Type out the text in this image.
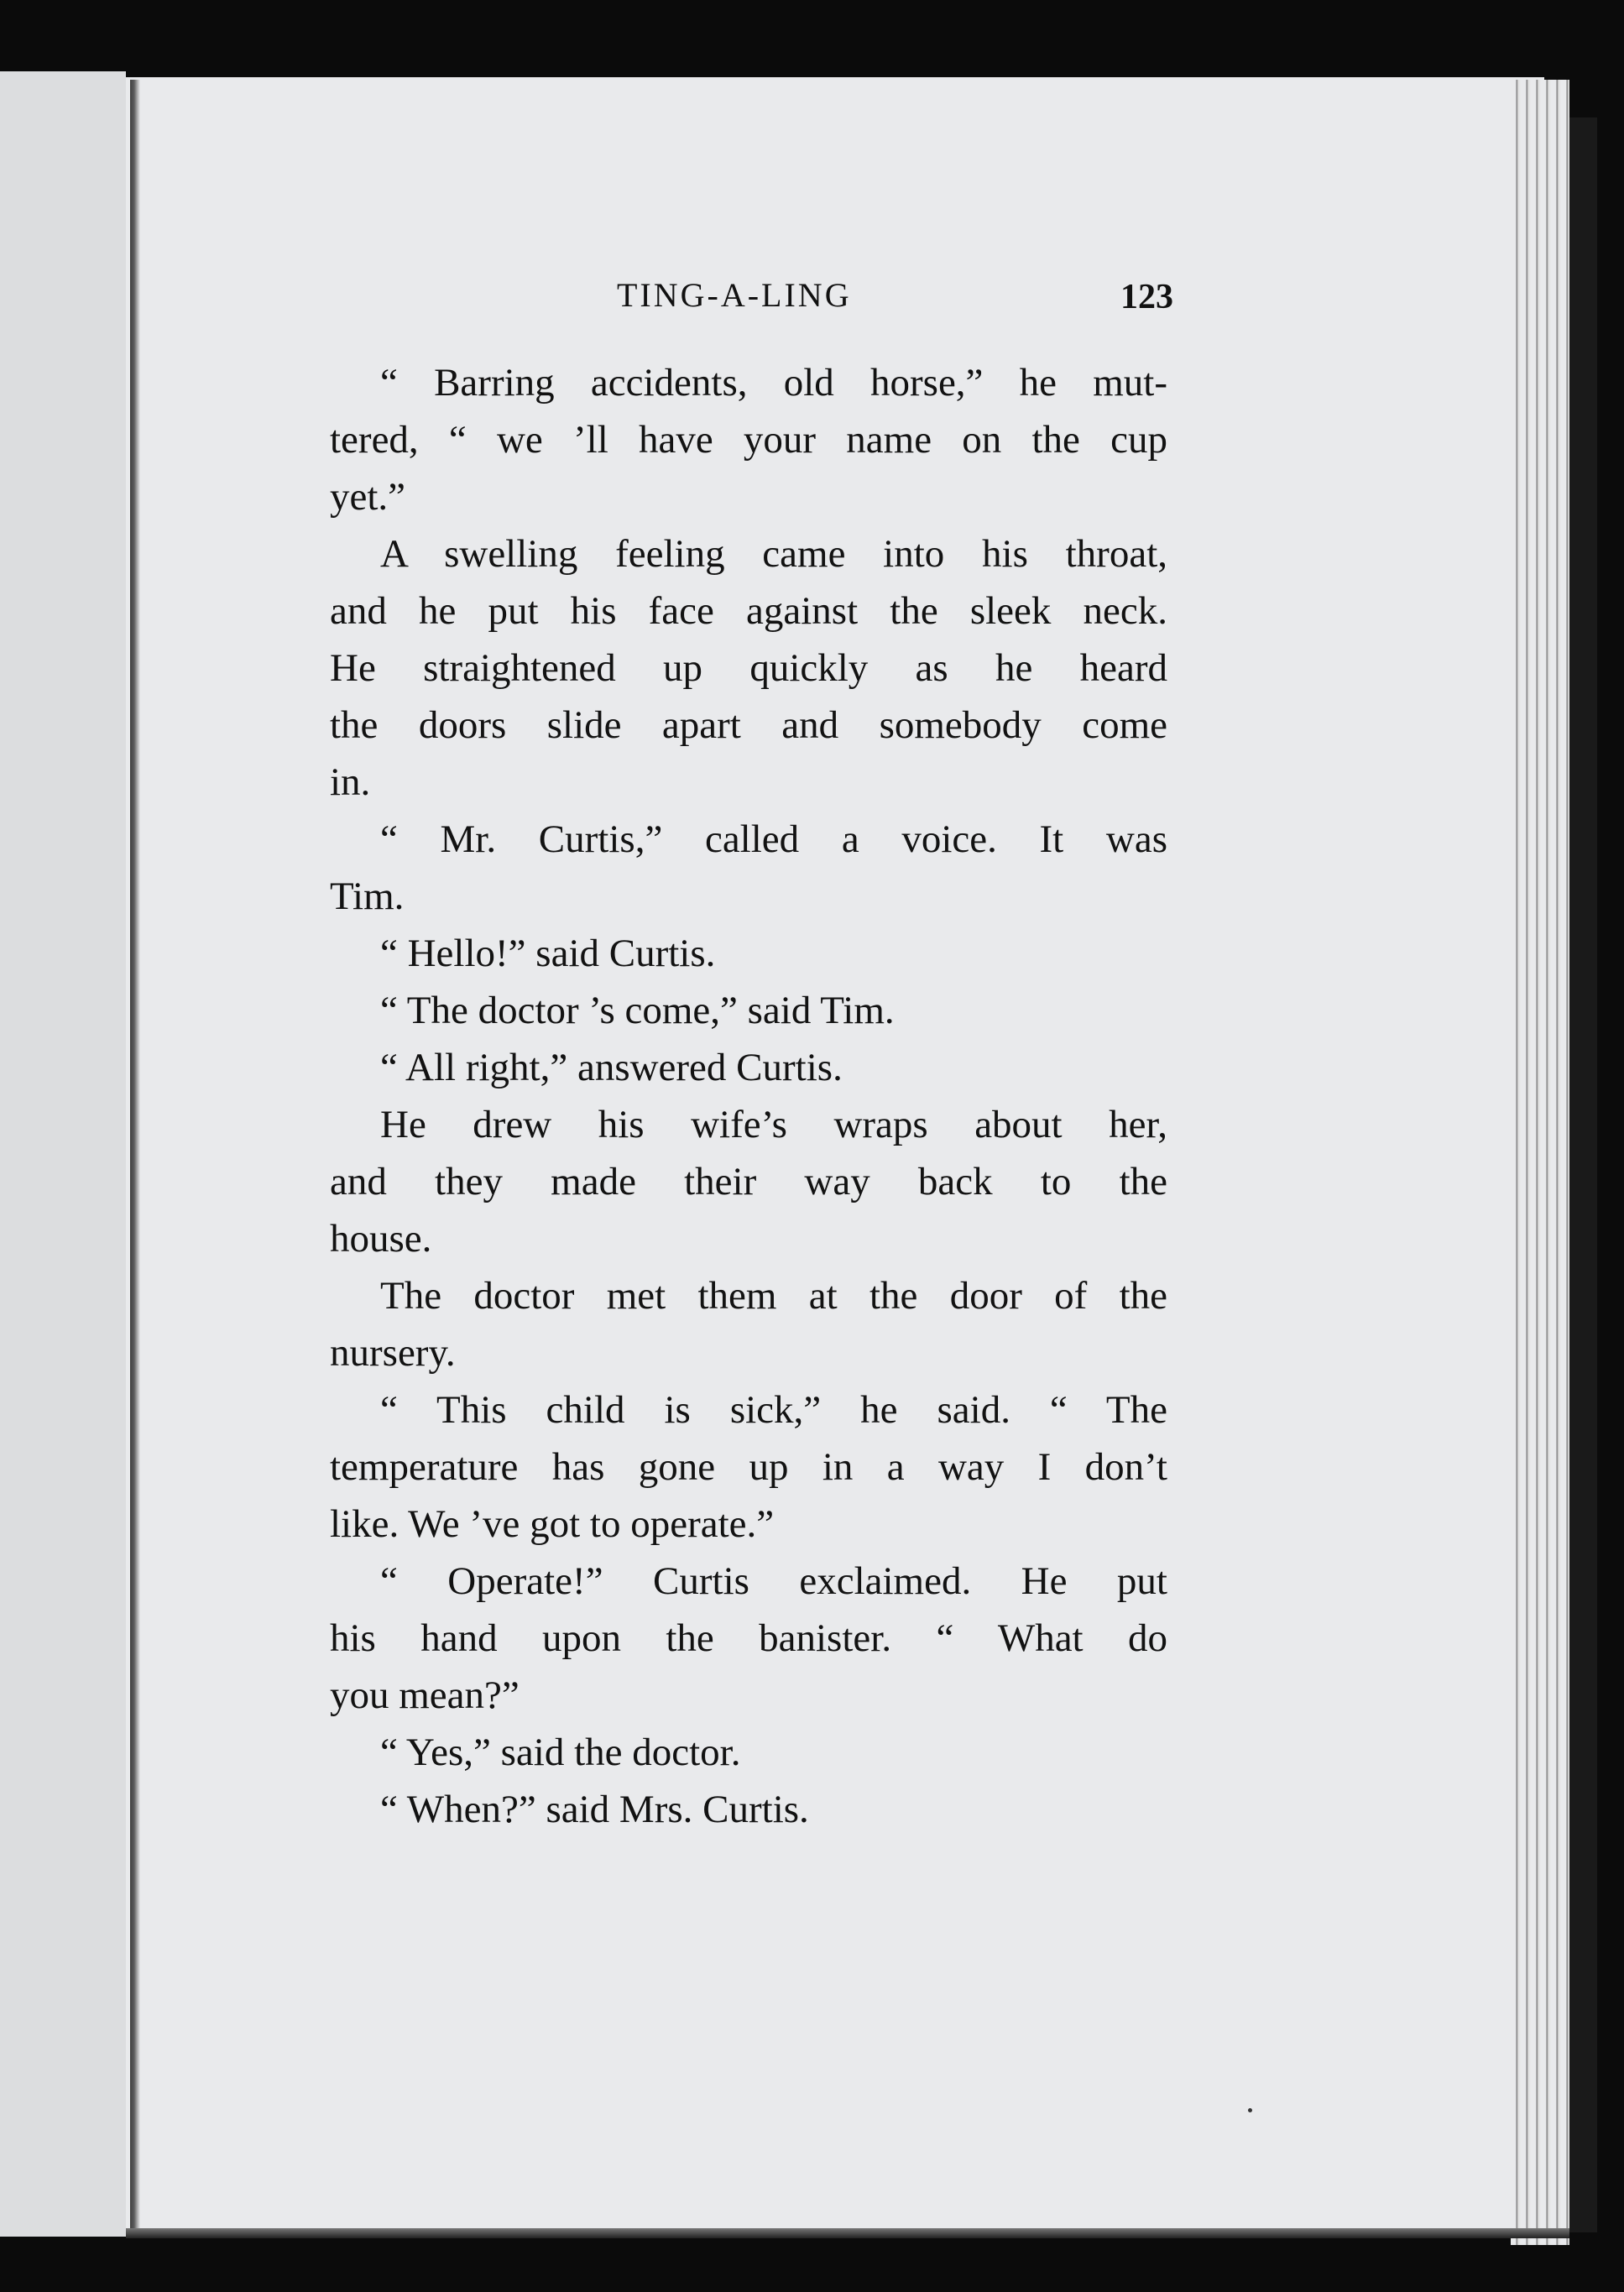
TING-A-LING	123
“ Barring accidents, old horse,” he mut-
tered, “ we ’ll have your name on the cup
yet.”
A swelling feeling came into his throat,
and he put his face against the sleek neck.
He straightened up quickly as he heard
the doors slide apart and somebody come
in.
“ Mr. Curtis,” called a voice. It was
Tim.
“ Hello!” said Curtis.
“ The doctor ’s come,” said Tim.
“ All right,” answered Curtis.
He drew his wife’s wraps about her,
and they made their way back to the
house.
The doctor met them at the door of the
nursery.
“ This child is sick,” he said. “ The
temperature has gone up in a way I don’t
like. We ’ve got to operate.”
“ Operate!” Curtis exclaimed. He put
his hand upon the banister. “ What do
you mean?”
“ Yes,” said the doctor.
“ When?” said Mrs. Curtis.
